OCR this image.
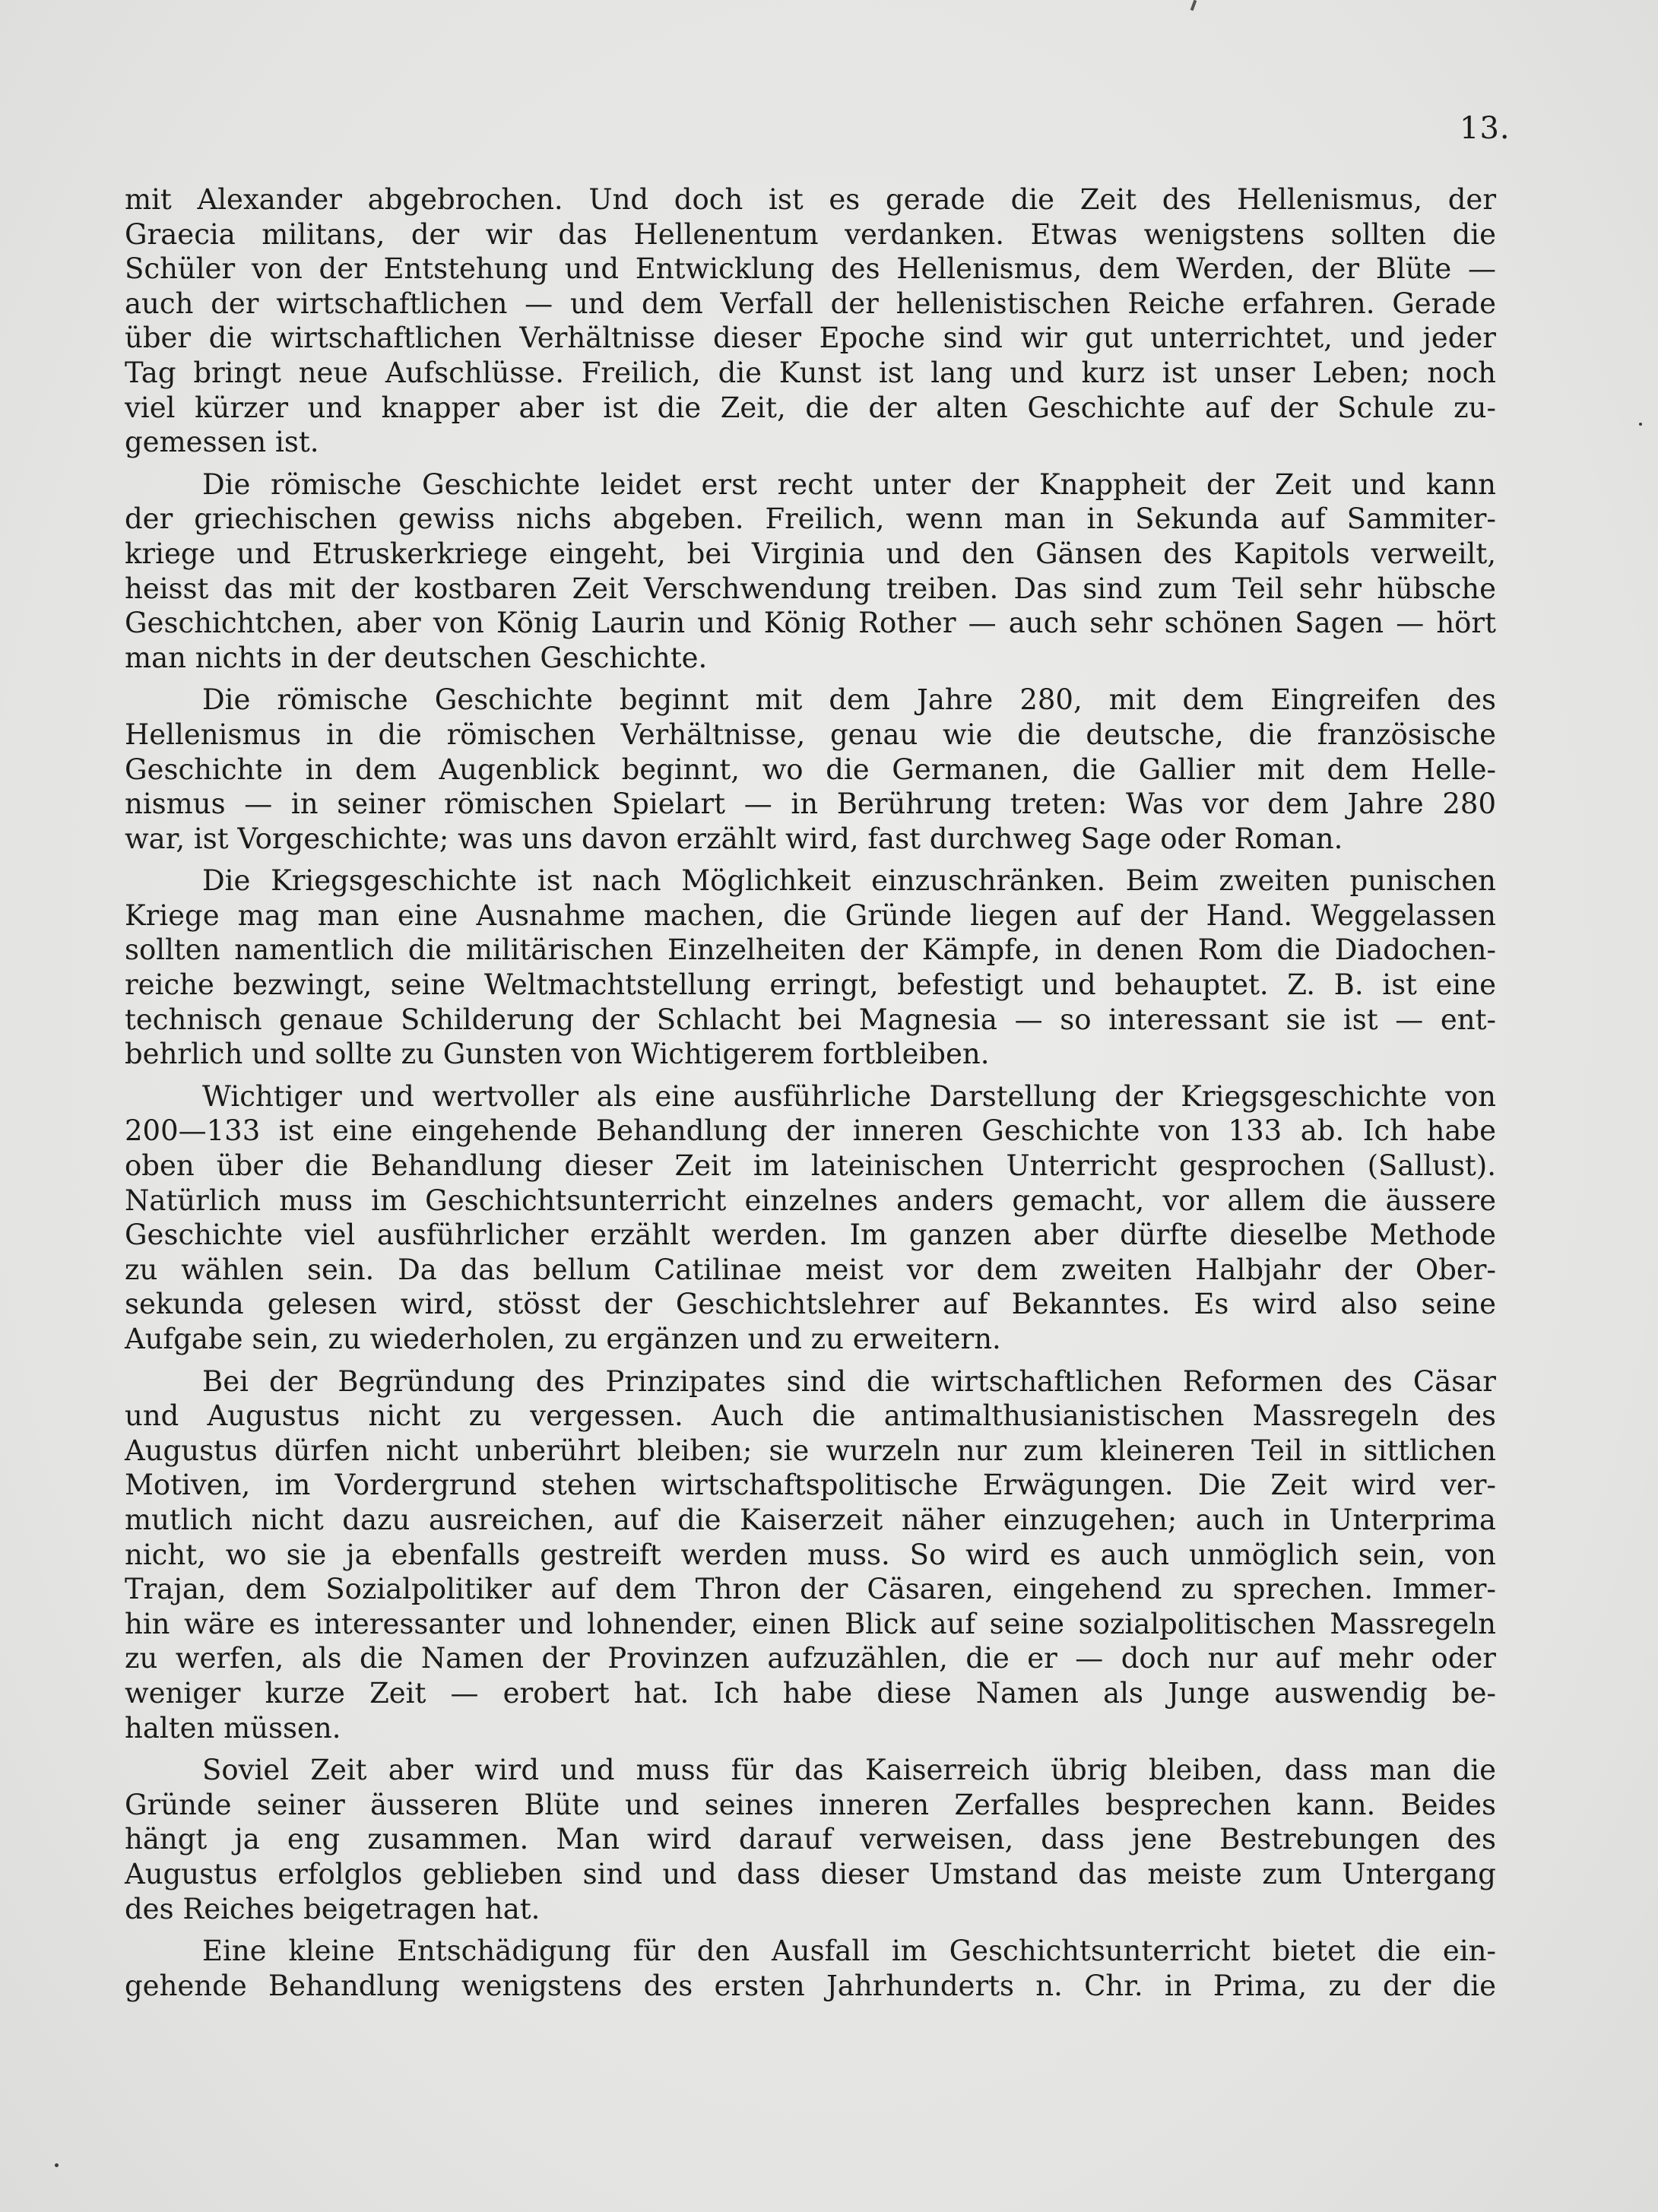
13.

mit Alexander abgebrochen. Und doch ist es gerade die Zeit des Hellenismus, der
Graecia militans, der wir das Hellenentum verdanken. Etwas wenigstens sollten die
Schüler von der Entstehung und Entwicklung des Hellenismus, dem Werden, der Blüte —
auch der wirtschaftlichen — und dem Verfall der hellenistischen Reiche erfahren. Gerade
über die wirtschaftlichen Verhältnisse dieser Epoche sind wir gut unterrichtet, und jeder
Tag bringt neue Aufschlüsse. Freilich, die Kunst ist lang und kurz ist unser Leben; noch
viel kürzer und knapper aber ist die Zeit, die der alten Geschichte auf der Schule zu-
gemessen ist.

Die römische Geschichte leidet erst recht unter der Knappheit der Zeit und kann
der griechischen gewiss nichs abgeben. Freilich, wenn man in Sekunda auf Sammiter-
kriege und Etruskerkriege eingeht, bei Virginia und den Gänsen des Kapitols verweilt,
heisst das mit der kostbaren Zeit Verschwendung treiben. Das sind zum Teil sehr hübsche
Geschichtchen, aber von König Laurin und König Rother — auch sehr schönen Sagen — hört
man nichts in der deutschen Geschichte.

Die römische Geschichte beginnt mit dem Jahre 280, mit dem Eingreifen des
Hellenismus in die römischen Verhältnisse, genau wie die deutsche, die französische
Geschichte in dem Augenblick beginnt, wo die Germanen, die Gallier mit dem Helle-
nismus — in seiner römischen Spielart — in Berührung treten: Was vor dem Jahre 280
war, ist Vorgeschichte; was uns davon erzählt wird, fast durchweg Sage oder Roman.

Die Kriegsgeschichte ist nach Möglichkeit einzuschränken. Beim zweiten punischen
Kriege mag man eine Ausnahme machen, die Gründe liegen auf der Hand. Weggelassen
sollten namentlich die militärischen Einzelheiten der Kämpfe, in denen Rom die Diadochen-
reiche bezwingt, seine Weltmachtstellung erringt, befestigt und behauptet. Z. B. ist eine
technisch genaue Schilderung der Schlacht bei Magnesia — so interessant sie ist — ent-
behrlich und sollte zu Gunsten von Wichtigerem fortbleiben.

Wichtiger und wertvoller als eine ausführliche Darstellung der Kriegsgeschichte von
200—133 ist eine eingehende Behandlung der inneren Geschichte von 133 ab. Ich habe
oben über die Behandlung dieser Zeit im lateinischen Unterricht gesprochen (Sallust).
Natürlich muss im Geschichtsunterricht einzelnes anders gemacht, vor allem die äussere
Geschichte viel ausführlicher erzählt werden. Im ganzen aber dürfte dieselbe Methode
zu wählen sein. Da das bellum Catilinae meist vor dem zweiten Halbjahr der Ober-
sekunda gelesen wird, stösst der Geschichtslehrer auf Bekanntes. Es wird also seine
Aufgabe sein, zu wiederholen, zu ergänzen und zu erweitern.

Bei der Begründung des Prinzipates sind die wirtschaftlichen Reformen des Cäsar
und Augustus nicht zu vergessen. Auch die antimalthusianistischen Massregeln des
Augustus dürfen nicht unberührt bleiben; sie wurzeln nur zum kleineren Teil in sittlichen
Motiven, im Vordergrund stehen wirtschaftspolitische Erwägungen. Die Zeit wird ver-
mutlich nicht dazu ausreichen, auf die Kaiserzeit näher einzugehen; auch in Unterprima
nicht, wo sie ja ebenfalls gestreift werden muss. So wird es auch unmöglich sein, von
Trajan, dem Sozialpolitiker auf dem Thron der Cäsaren, eingehend zu sprechen. Immer-
hin wäre es interessanter und lohnender, einen Blick auf seine sozialpolitischen Massregeln
zu werfen, als die Namen der Provinzen aufzuzählen, die er — doch nur auf mehr oder
weniger kurze Zeit — erobert hat. Ich habe diese Namen als Junge auswendig be-
halten müssen.

Soviel Zeit aber wird und muss für das Kaiserreich übrig bleiben, dass man die
Gründe seiner äusseren Blüte und seines inneren Zerfalles besprechen kann. Beides
hängt ja eng zusammen. Man wird darauf verweisen, dass jene Bestrebungen des
Augustus erfolglos geblieben sind und dass dieser Umstand das meiste zum Untergang
des Reiches beigetragen hat.

Eine kleine Entschädigung für den Ausfall im Geschichtsunterricht bietet die ein-
gehende Behandlung wenigstens des ersten Jahrhunderts n. Chr. in Prima, zu der die
